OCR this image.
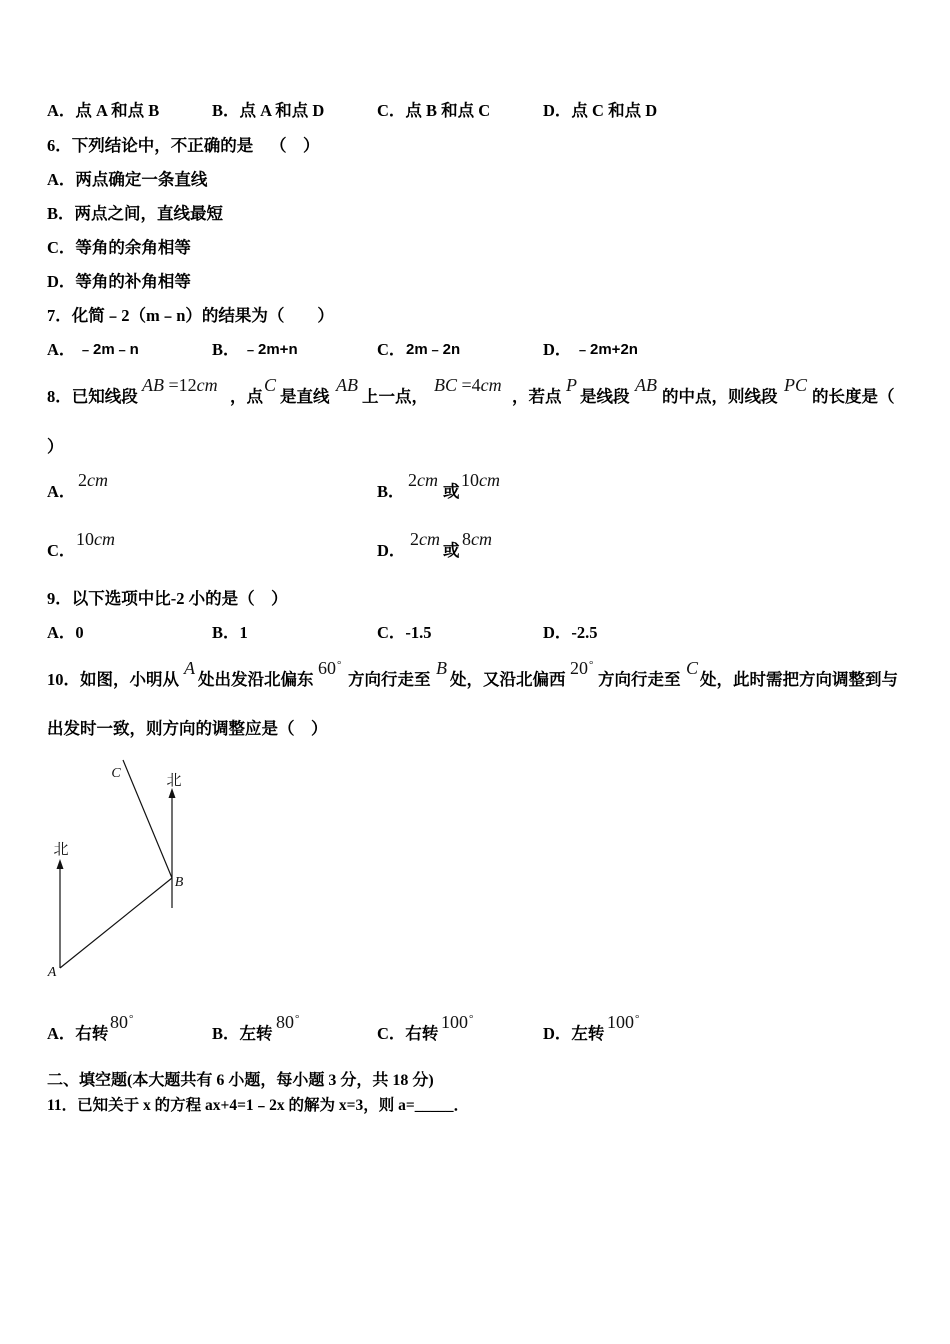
A．点 A 和点 B	B．点 A 和点 D	C．点 B 和点 C	D．点 C 和点 D
6．下列结论中，不正确的是 （　）
A．两点确定一条直线
B．两点之间，直线最短
C．等角的余角相等
D．等角的补角相等
7．化简﹣2（m﹣n）的结果为（　　）
A． ﹣2m﹣n	B． ﹣2m+n	C． 2m﹣2n	D． ﹣2m+2n
8．已知线段
AB =12cm
，点
C
是直线
AB
上一点，
BC =4cm
，若点
P
是线段
AB
的中点，则线段
PC
的长度是（
）
A．
2cm
B．
2cm
或
10cm
C．
10cm
D．
2cm
或
8cm
9．以下选项中比-2 小的是（　）
A．0	B．1	C．-1.5	D．-2.5
10．如图，小明从
A
处出发沿北偏东
60°
方向行走至
B
处，又沿北偏西
20°
方向行走至
C
处，此时需把方向调整到与
出发时一致，则方向的调整应是（　）
北
北
A
B
C
A．右转
80°
B．左转
80°
C．右转
100°
D．左转
100°
二、填空题(本大题共有 6 小题，每小题 3 分，共 18 分)
11．已知关于 x 的方程 ax+4=1﹣2x 的解为 x=3，则 a=_____．
